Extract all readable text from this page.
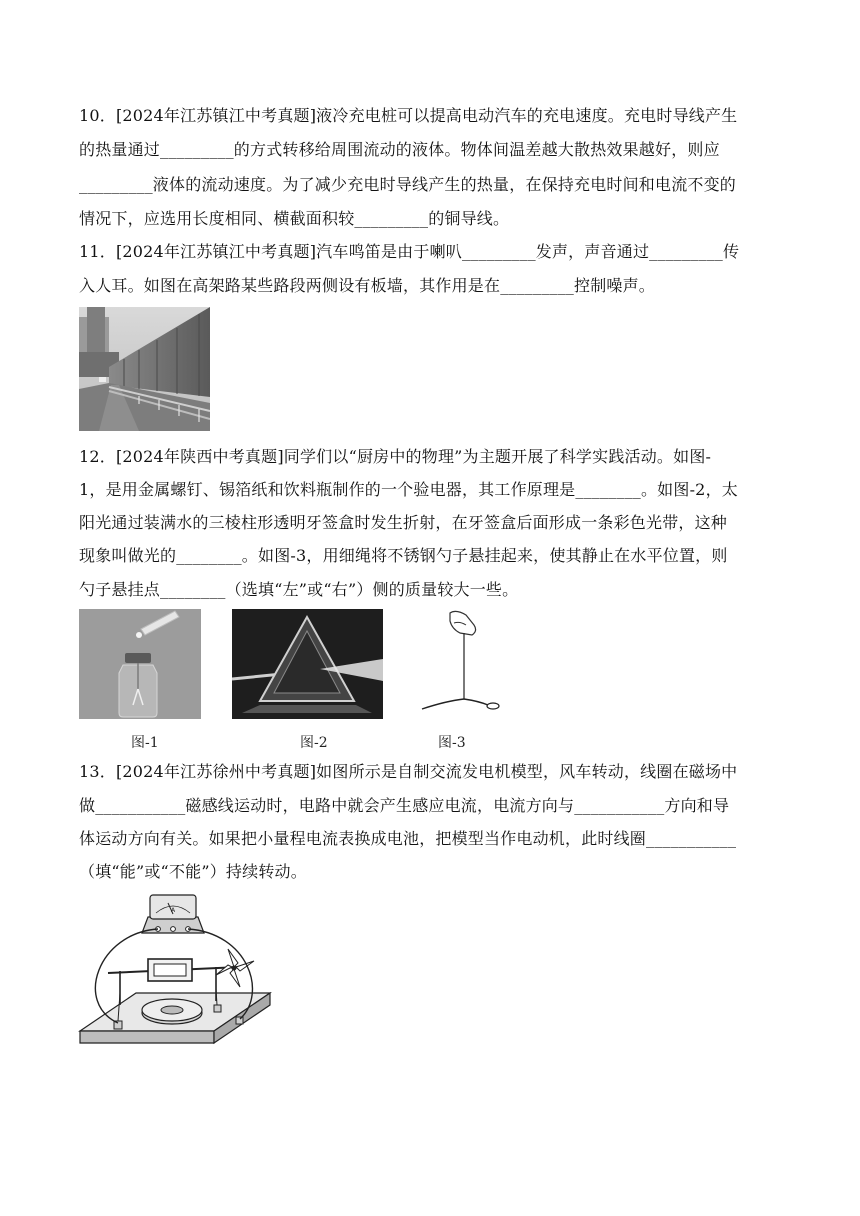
10．[2024年江苏镇江中考真题]液冷充电桩可以提高电动汽车的充电速度。充电时导线产生
的热量通过_________的方式转移给周围流动的液体。物体间温差越大散热效果越好，则应
_________液体的流动速度。为了减少充电时导线产生的热量，在保持充电时间和电流不变的
情况下，应选用长度相同、横截面积较_________的铜导线。
11．[2024年江苏镇江中考真题]汽车鸣笛是由于喇叭_________发声，声音通过_________传
入人耳。如图在高架路某些路段两侧设有板墙，其作用是在_________控制噪声。
12．[2024年陕西中考真题]同学们以“厨房中的物理”为主题开展了科学实践活动。如图-
1，是用金属螺钉、锡箔纸和饮料瓶制作的一个验电器，其工作原理是________。如图-2，太
阳光通过装满水的三棱柱形透明牙签盒时发生折射，在牙签盒后面形成一条彩色光带，这种
现象叫做光的________。如图-3，用细绳将不锈钢勺子悬挂起来，使其静止在水平位置，则
勺子悬挂点________（选填“左”或“右”）侧的质量较大一些。
图-1	图-2	图-3
13．[2024年江苏徐州中考真题]如图所示是自制交流发电机模型，风车转动，线圈在磁场中
做___________磁感线运动时，电路中就会产生感应电流，电流方向与___________方向和导
体运动方向有关。如果把小量程电流表换成电池，把模型当作电动机，此时线圈___________
（填“能”或“不能”）持续转动。
A
